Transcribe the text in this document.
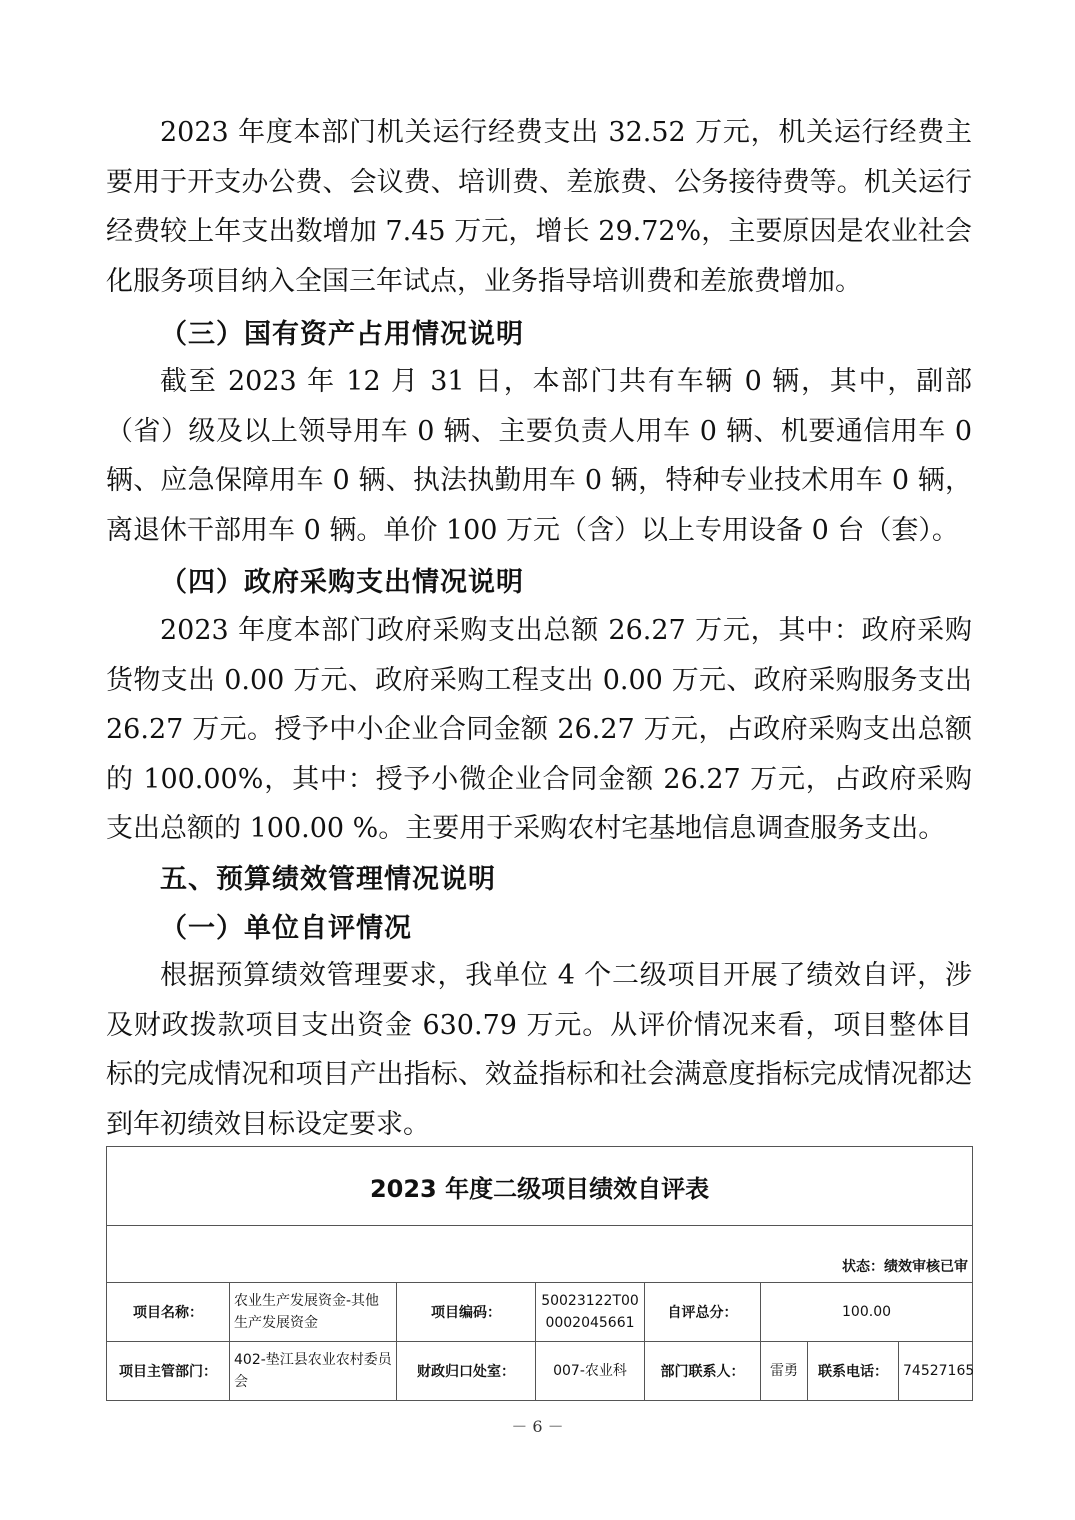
2023 年度本部门机关运行经费支出 32.52 万元，机关运行经费主要用于开支办公费、会议费、培训费、差旅费、公务接待费等。机关运行经费较上年支出数增加 7.45 万元，增长 29.72%，主要原因是农业社会化服务项目纳入全国三年试点，业务指导培训费和差旅费增加。

（三）国有资产占用情况说明

截至 2023 年 12 月 31 日，本部门共有车辆 0 辆，其中，副部（省）级及以上领导用车 0 辆、主要负责人用车 0 辆、机要通信用车 0 辆、应急保障用车 0 辆、执法执勤用车 0 辆，特种专业技术用车 0 辆，离退休干部用车 0 辆。单价 100 万元（含）以上专用设备 0 台（套）。

（四）政府采购支出情况说明

2023 年度本部门政府采购支出总额 26.27 万元，其中：政府采购货物支出 0.00 万元、政府采购工程支出 0.00 万元、政府采购服务支出 26.27 万元。授予中小企业合同金额 26.27 万元，占政府采购支出总额的 100.00%，其中：授予小微企业合同金额 26.27 万元，占政府采购支出总额的 100.00 %。主要用于采购农村宅基地信息调查服务支出。

五、预算绩效管理情况说明
（一）单位自评情况

根据预算绩效管理要求，我单位 4 个二级项目开展了绩效自评，涉及财政拨款项目支出资金 630.79 万元。从评价情况来看，项目整体目标的完成情况和项目产出指标、效益指标和社会满意度指标完成情况都达到年初绩效目标设定要求。

2023 年度二级项目绩效自评表							
状态：绩效审核已审							
项目名称：	农业生产发展资金-其他生产发展资金	项目编码：	50023122T000002045661	自评总分：	100.00		
项目主管部门：	402-垫江县农业农村委员会	财政归口处室：	007-农业科	部门联系人：	雷勇	联系电话：	74527165
－ 6 －
